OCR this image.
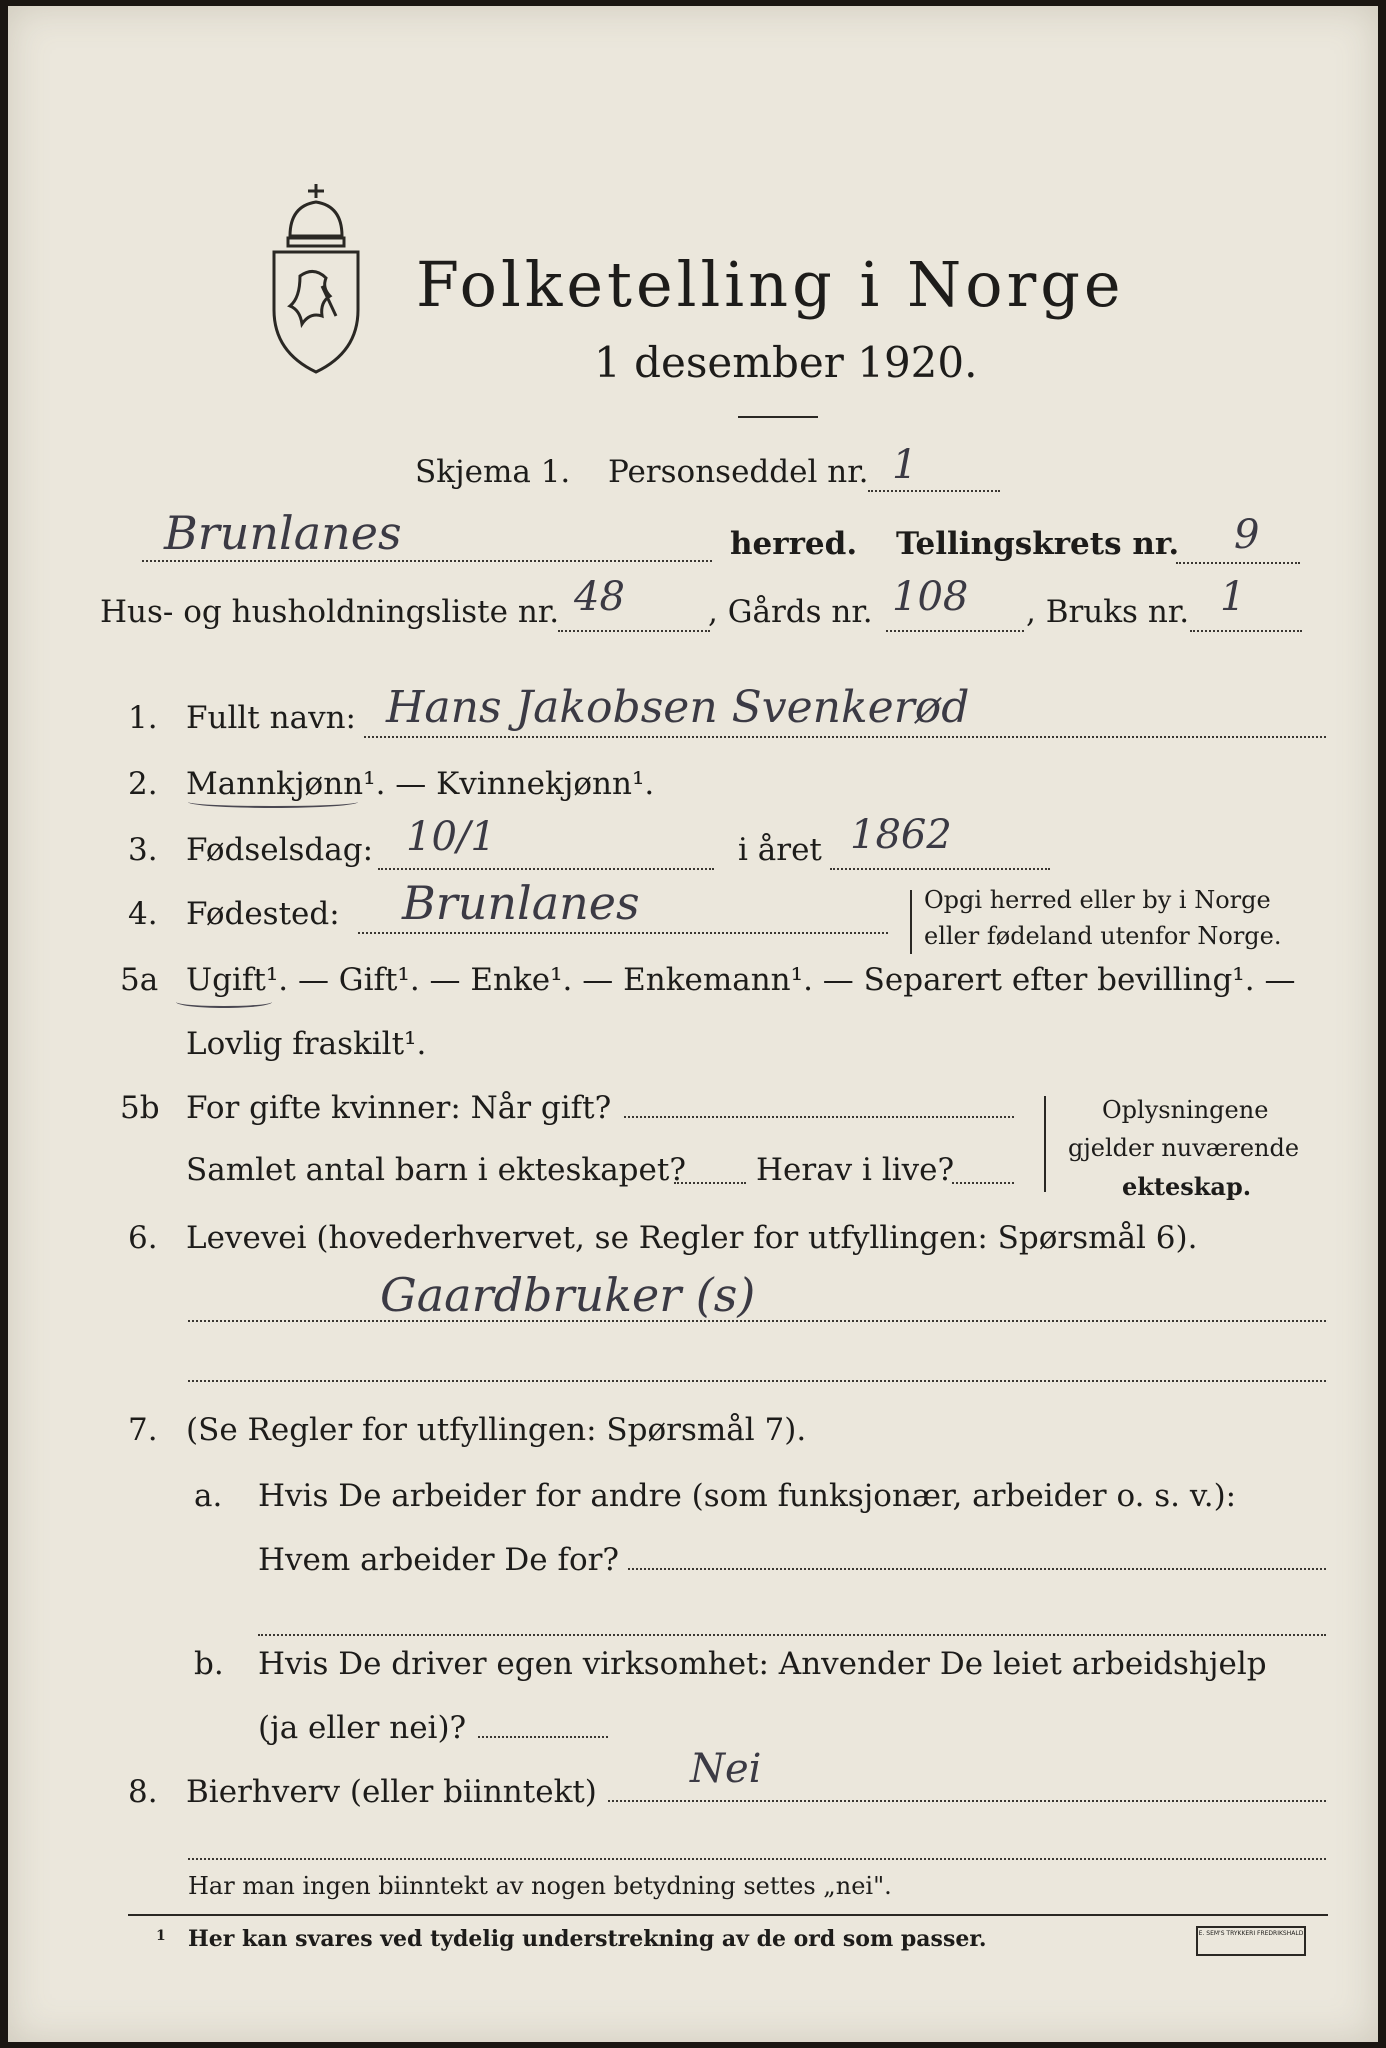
Folketelling i Norge
1 desember 1920.
Skjema 1. Personseddel nr. 1
Brunlanes	herred. Tellingskrets nr. 9
Hus- og husholdningsliste nr. 48	, Gårds nr. 108 , Bruks nr. 1
1. Fullt navn: Hans Jakobsen Svenkerød
2. Mannkjønn¹. — Kvinnekjønn¹.
3. Fødselsdag: 10/1	i året 1862
4. Fødested: Brunlanes	Opgi herred eller by i Norge
eller fødeland utenfor Norge.
5a Ugift¹. — Gift¹. — Enke¹. — Enkemann¹. — Separert efter bevilling¹. —
Lovlig fraskilt¹.
5b For gifte kvinner: Når gift?
Samlet antal barn i ekteskapet? Herav i live?
Oplysningene
gjelder nuværende
ekteskap.
6. Levevei (hovederhvervet, se Regler for utfyllingen: Spørsmål 6).
Gaardbruker (s)
7. (Se Regler for utfyllingen: Spørsmål 7).
a. Hvis De arbeider for andre (som funksjonær, arbeider o. s. v.):
Hvem arbeider De for?
b. Hvis De driver egen virksomhet: Anvender De leiet arbeidshjelp
(ja eller nei)?
8. Bierhverv (eller biinntekt) Nei
Har man ingen biinntekt av nogen betydning settes „nei".
1 Her kan svares ved tydelig understrekning av de ord som passer.	E. SEM'S TRYKKERI FREDRIKSHALD
